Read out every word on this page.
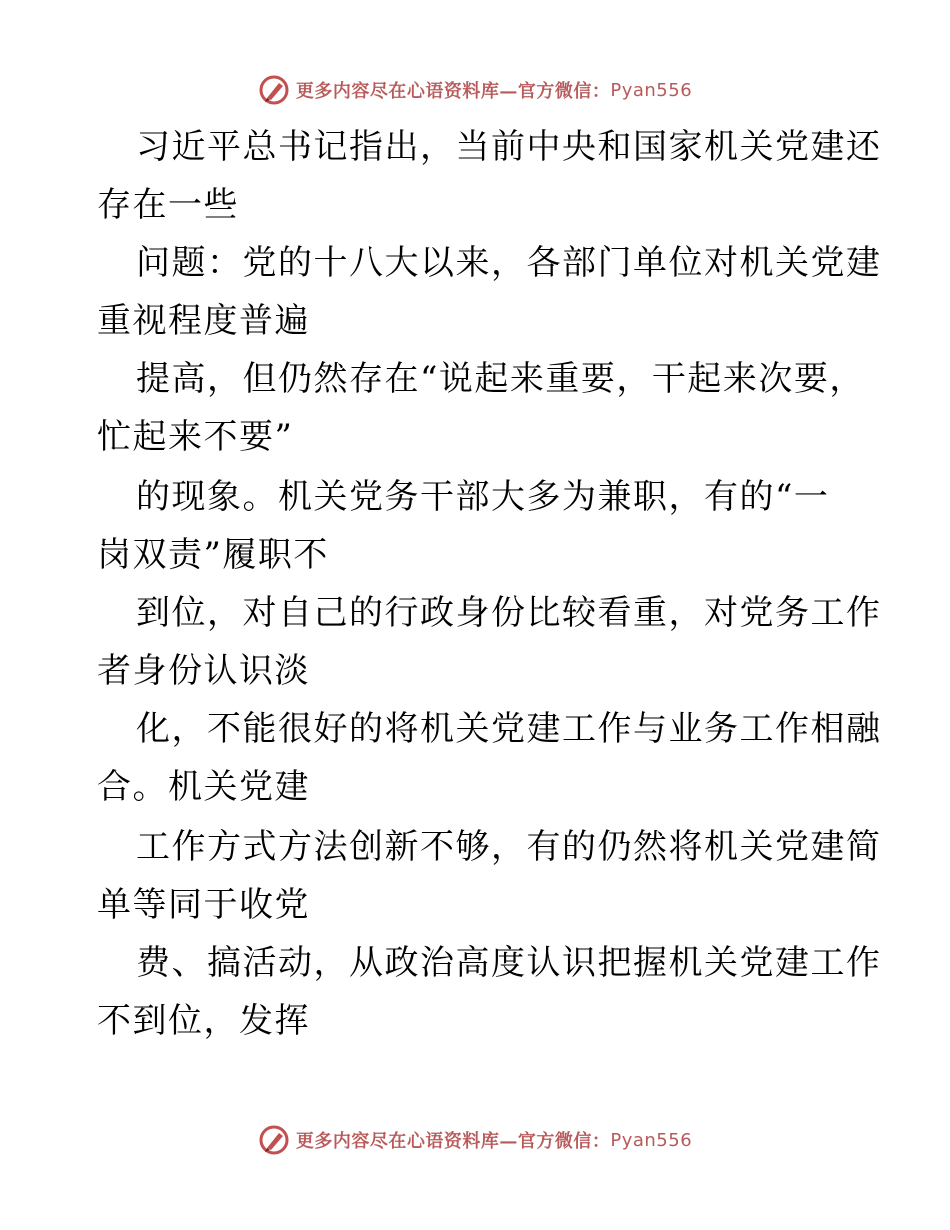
更多内容尽在心语资料库—官方微信： Pyan556
习近平总书记指出，当前中央和国家机关党建还
存在一些
问题：党的十八大以来，各部门单位对机关党建
重视程度普遍
提高，但仍然存在“说起来重要，干起来次要，
忙起来不要”
的现象。机关党务干部大多为兼职，有的“一
岗双责”履职不
到位，对自己的行政身份比较看重，对党务工作
者身份认识淡
化，不能很好的将机关党建工作与业务工作相融
合。机关党建
工作方式方法创新不够，有的仍然将机关党建简
单等同于收党
费、搞活动，从政治高度认识把握机关党建工作
不到位，发挥
更多内容尽在心语资料库—官方微信： Pyan556
